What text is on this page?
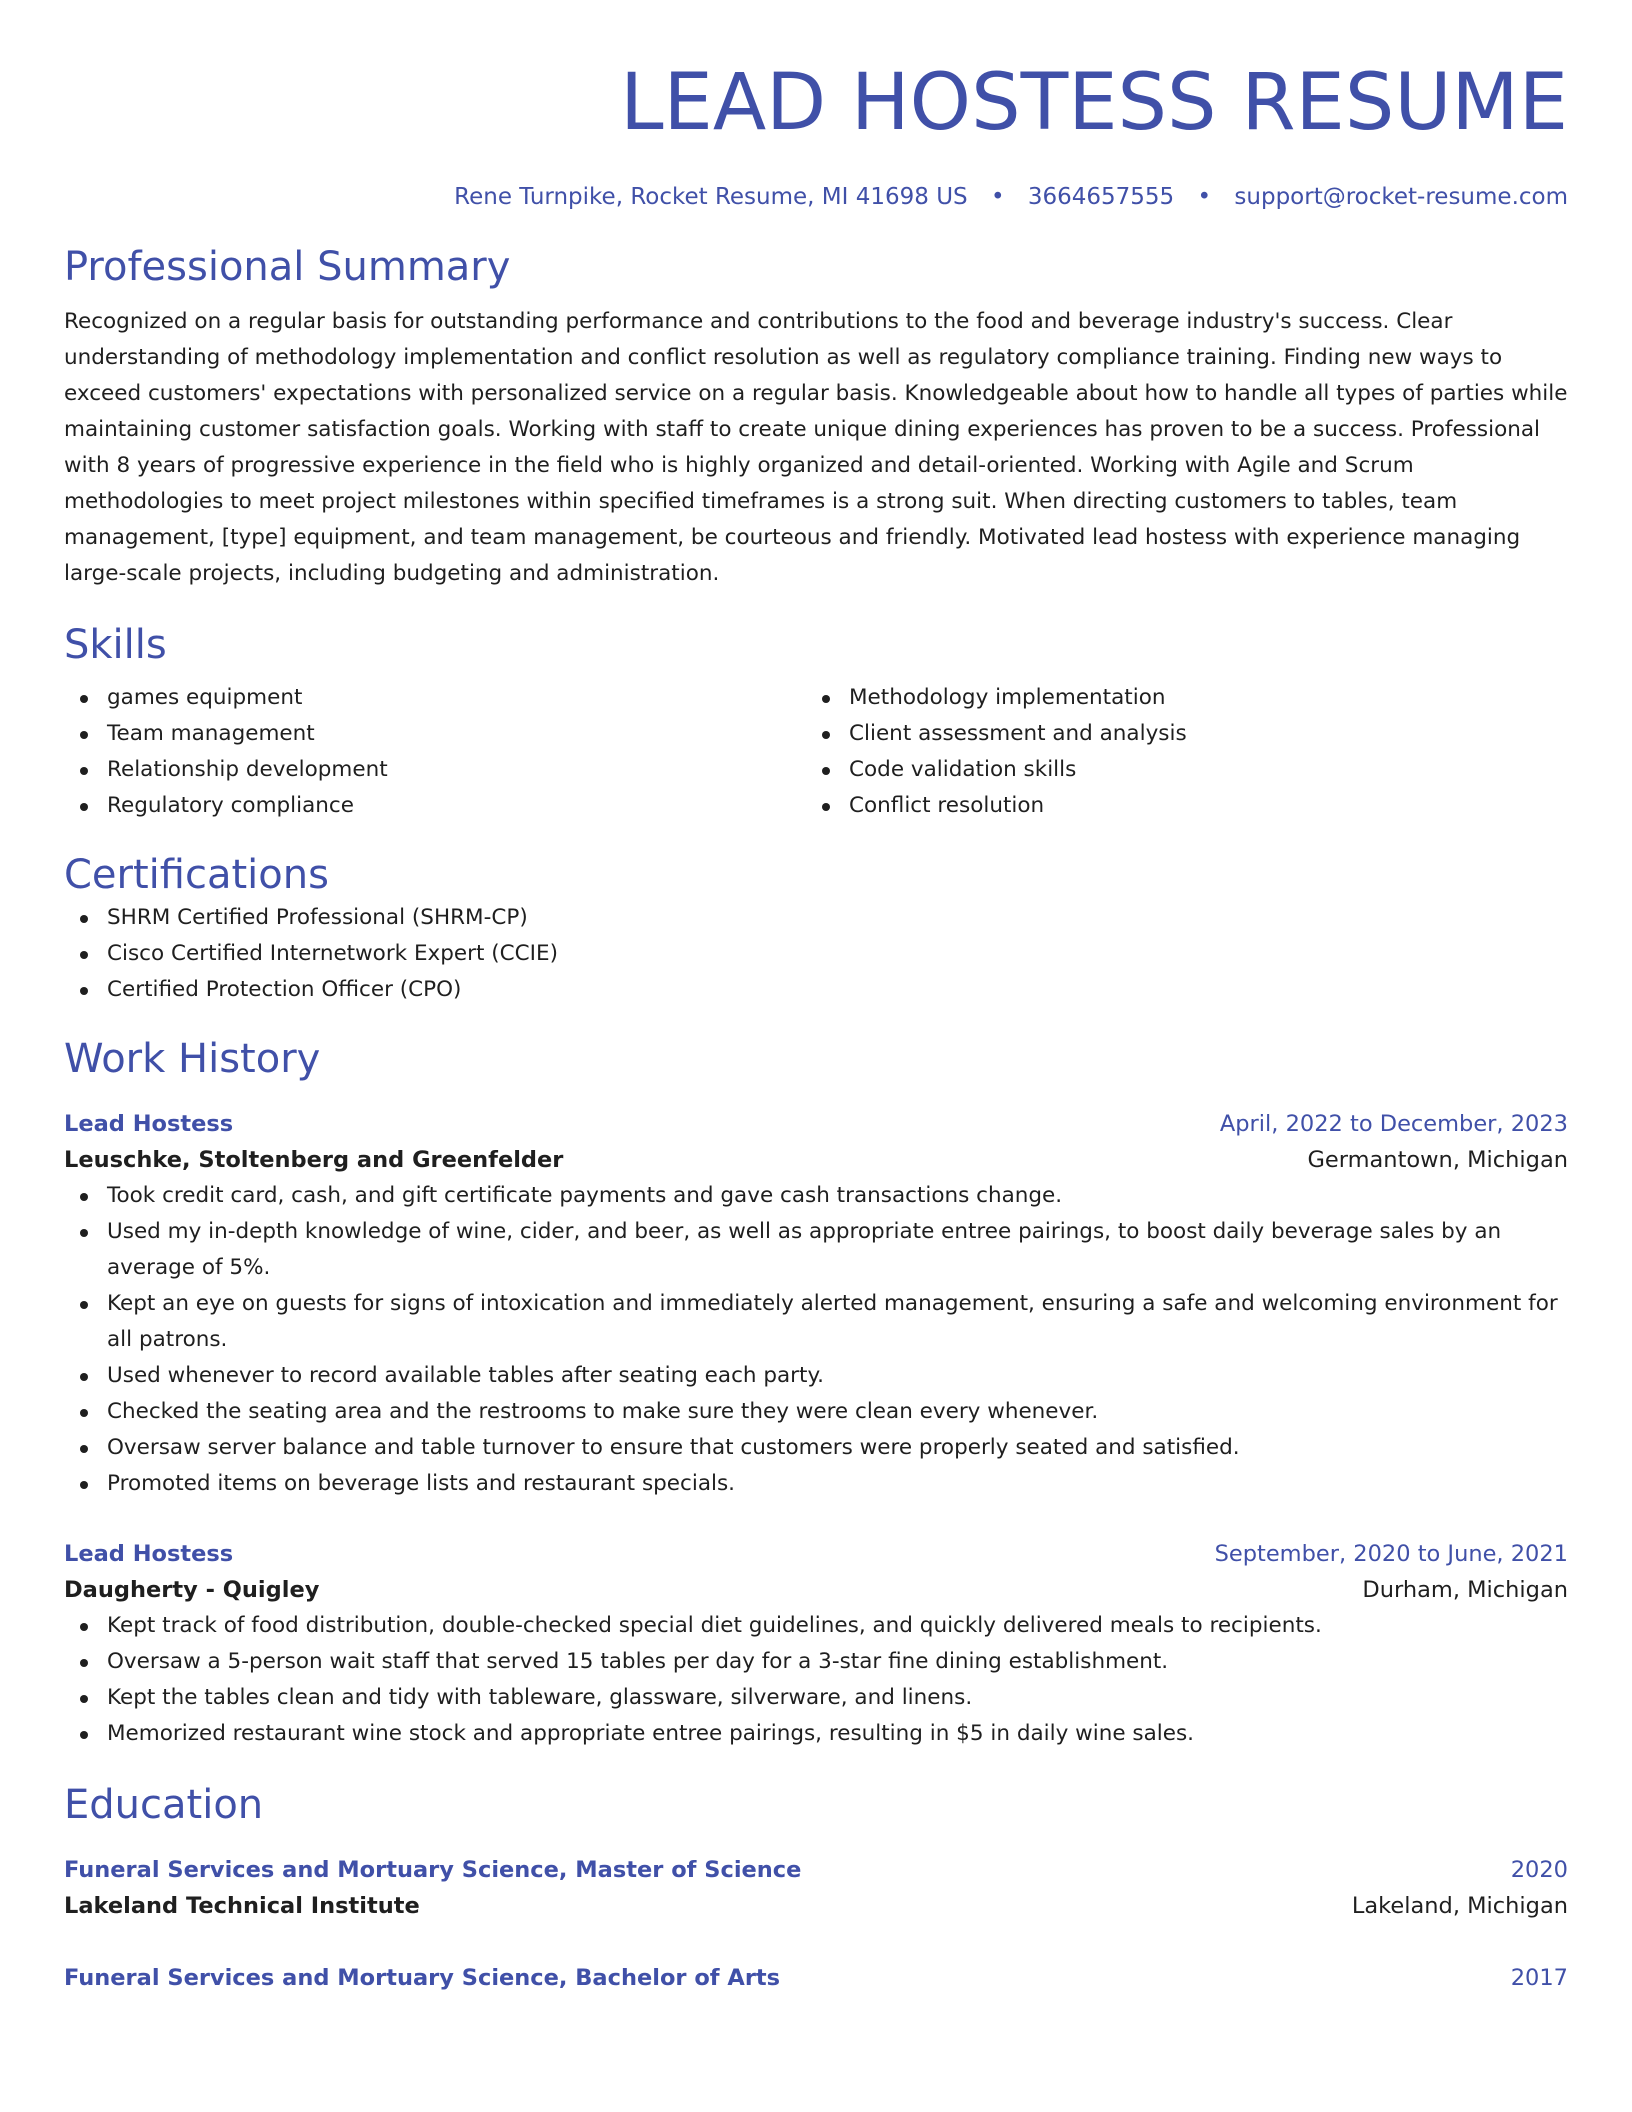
LEAD HOSTESS RESUME
Rene Turnpike, Rocket Resume, MI 41698 US • 3664657555 • support@rocket-resume.com
Professional Summary

Recognized on a regular basis for outstanding performance and contributions to the food and beverage industry's success. Clear understanding of methodology implementation and conflict resolution as well as regulatory compliance training. Finding new ways to exceed customers' expectations with personalized service on a regular basis. Knowledgeable about how to handle all types of parties while maintaining customer satisfaction goals. Working with staff to create unique dining experiences has proven to be a success. Professional with 8 years of progressive experience in the field who is highly organized and detail-oriented. Working with Agile and Scrum methodologies to meet project milestones within specified timeframes is a strong suit. When directing customers to tables, team management, [type] equipment, and team management, be courteous and friendly. Motivated lead hostess with experience managing large-scale projects, including budgeting and administration.

Skills
games equipment
Team management
Relationship development
Regulatory compliance
Methodology implementation
Client assessment and analysis
Code validation skills
Conflict resolution
Certifications
SHRM Certified Professional (SHRM-CP)
Cisco Certified Internetwork Expert (CCIE)
Certified Protection Officer (CPO)
Work History
Lead Hostess	April, 2022 to December, 2023
Leuschke, Stoltenberg and Greenfelder	Germantown, Michigan
Took credit card, cash, and gift certificate payments and gave cash transactions change.
Used my in-depth knowledge of wine, cider, and beer, as well as appropriate entree pairings, to boost daily beverage sales by an average of 5%.
Kept an eye on guests for signs of intoxication and immediately alerted management, ensuring a safe and welcoming environment for all patrons.
Used whenever to record available tables after seating each party.
Checked the seating area and the restrooms to make sure they were clean every whenever.
Oversaw server balance and table turnover to ensure that customers were properly seated and satisfied.
Promoted items on beverage lists and restaurant specials.
Lead Hostess	September, 2020 to June, 2021
Daugherty - Quigley	Durham, Michigan
Kept track of food distribution, double-checked special diet guidelines, and quickly delivered meals to recipients.
Oversaw a 5-person wait staff that served 15 tables per day for a 3-star fine dining establishment.
Kept the tables clean and tidy with tableware, glassware, silverware, and linens.
Memorized restaurant wine stock and appropriate entree pairings, resulting in $5 in daily wine sales.
Education
Funeral Services and Mortuary Science, Master of Science	2020
Lakeland Technical Institute	Lakeland, Michigan
Funeral Services and Mortuary Science, Bachelor of Arts	2017
